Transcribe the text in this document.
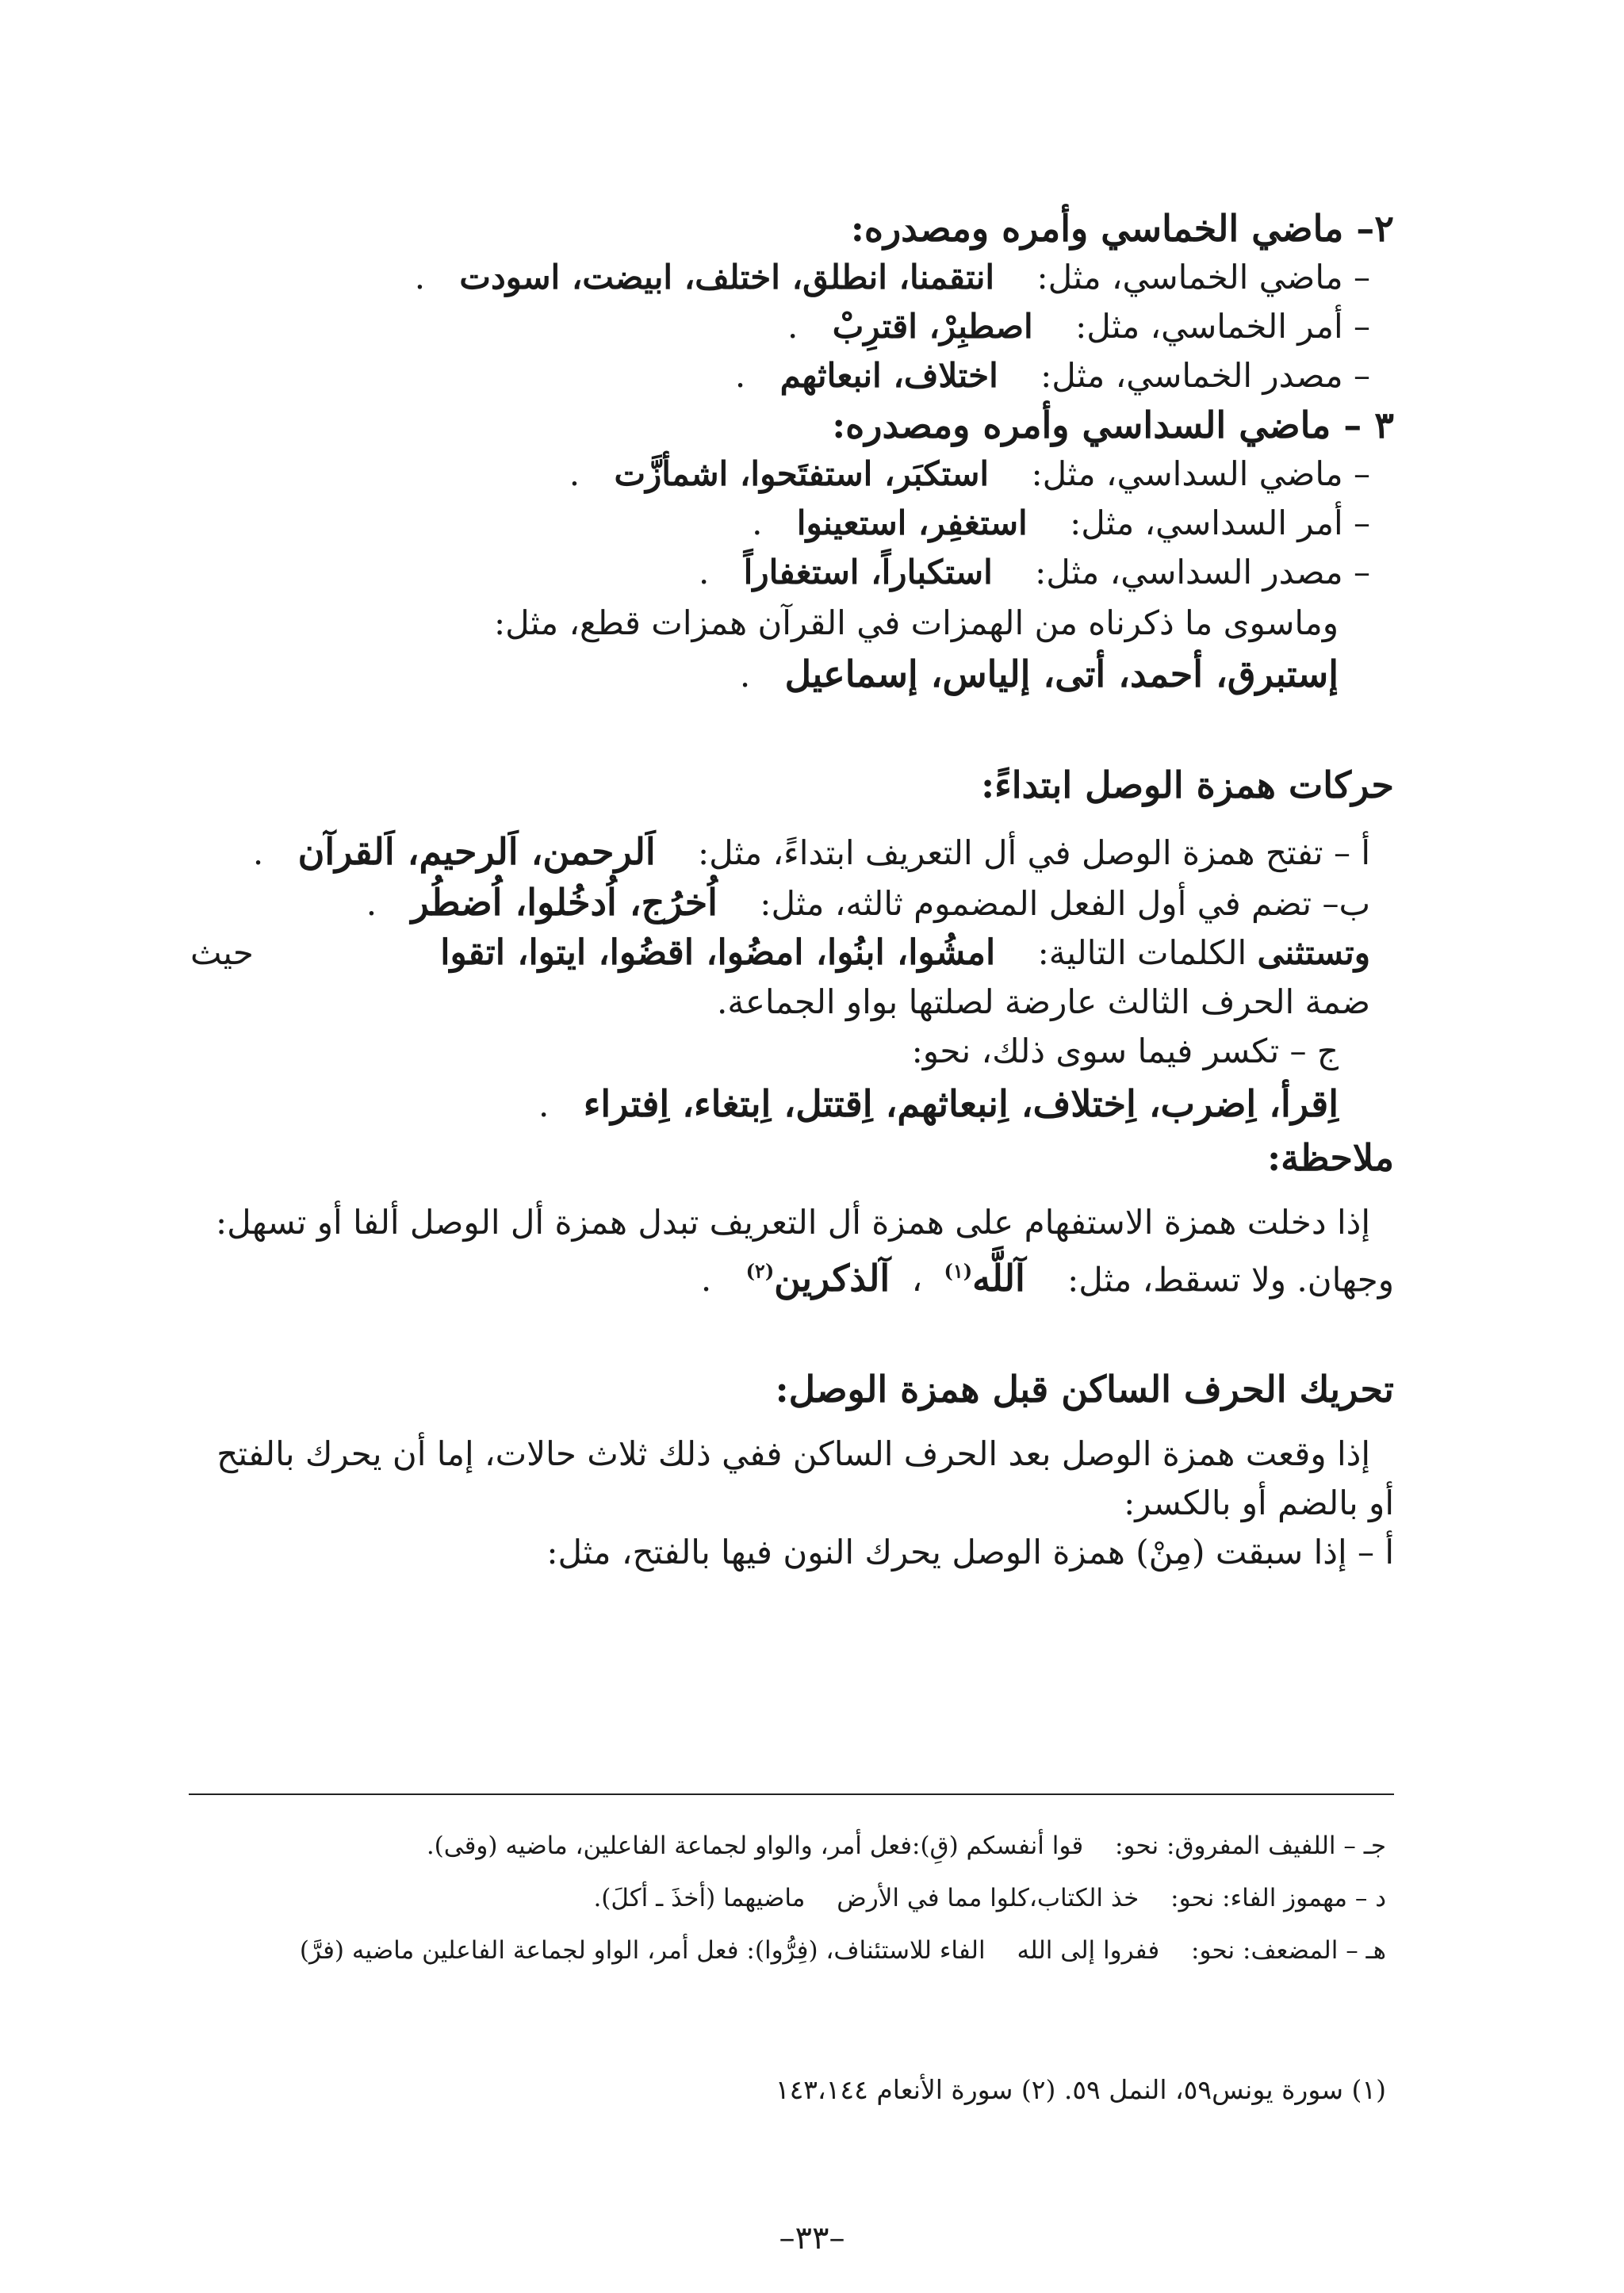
٢– ماضي الخماسي وأمره ومصدره:
– ماضي الخماسي، مثل: انتقمنا، انطلق، اختلف، ابيضت، اسودت .
– أمر الخماسي، مثل: اصطبِرْ، اقترِبْ .
– مصدر الخماسي، مثل: اختلاف، انبعاثهم .
٣ – ماضي السداسي وأمره ومصدره:
– ماضي السداسي، مثل: استكبَر، استفتَحوا، اشمأزَّت .
– أمر السداسي، مثل: استغفِر، استعينوا .
– مصدر السداسي، مثل: استكباراً، استغفاراً .
وماسوى ما ذكرناه من الهمزات في القرآن همزات قطع، مثل:
إستبرق، أحمد، أتى، إلياس، إسماعيل .
حركات همزة الوصل ابتداءً:
أ – تفتح همزة الوصل في أل التعريف ابتداءً، مثل: اَلرحمن، اَلرحيم، اَلقرآن .
ب– تضم في أول الفعل المضموم ثالثه، مثل: اُخرُج، اُدخُلوا، اُضطُر .
وتستثنى الكلمات التالية: امشُوا، ابنُوا، امضُوا، اقضُوا، ايتوا، اتقوا
حيث
ضمة الحرف الثالث عارضة لصلتها بواو الجماعة.
ج – تكسر فيما سوى ذلك، نحو:
اِقرأ، اِضرب، اِختلاف، اِنبعاثهم، اِقتتل، اِبتغاء، اِفتراء .
ملاحظة:
إذا دخلت همزة الاستفهام على همزة أل التعريف تبدل همزة أل الوصل ألفا أو تسهل:
وجهان. ولا تسقط، مثل: آللَّه$^{(١)}$ ، آلذكرين$^{(٢)}$ .
تحريك الحرف الساكن قبل همزة الوصل:
إذا وقعت همزة الوصل بعد الحرف الساكن ففي ذلك ثلاث حالات، إما أن يحرك بالفتح
أو بالضم أو بالكسر:
أ – إذا سبقت (مِنْ) همزة الوصل يحرك النون فيها بالفتح، مثل:
جـ – اللفيف المفروق: نحو: قوا أنفسكم (قِ):فعل أمر، والواو لجماعة الفاعلين، ماضيه (وقى).
د – مهموز الفاء: نحو: خذ الكتاب،كلوا مما في الأرض ماضيهما (أخذَ ـ أكلَ).
هـ – المضعف: نحو: ففروا إلى الله الفاء للاستئناف، (فِرُّوا): فعل أمر، الواو لجماعة الفاعلين ماضيه (فرَّ)
(١) سورة يونس٥٩، النمل ٥٩. (٢) سورة الأنعام ١٤٣،١٤٤
–٣٣–
